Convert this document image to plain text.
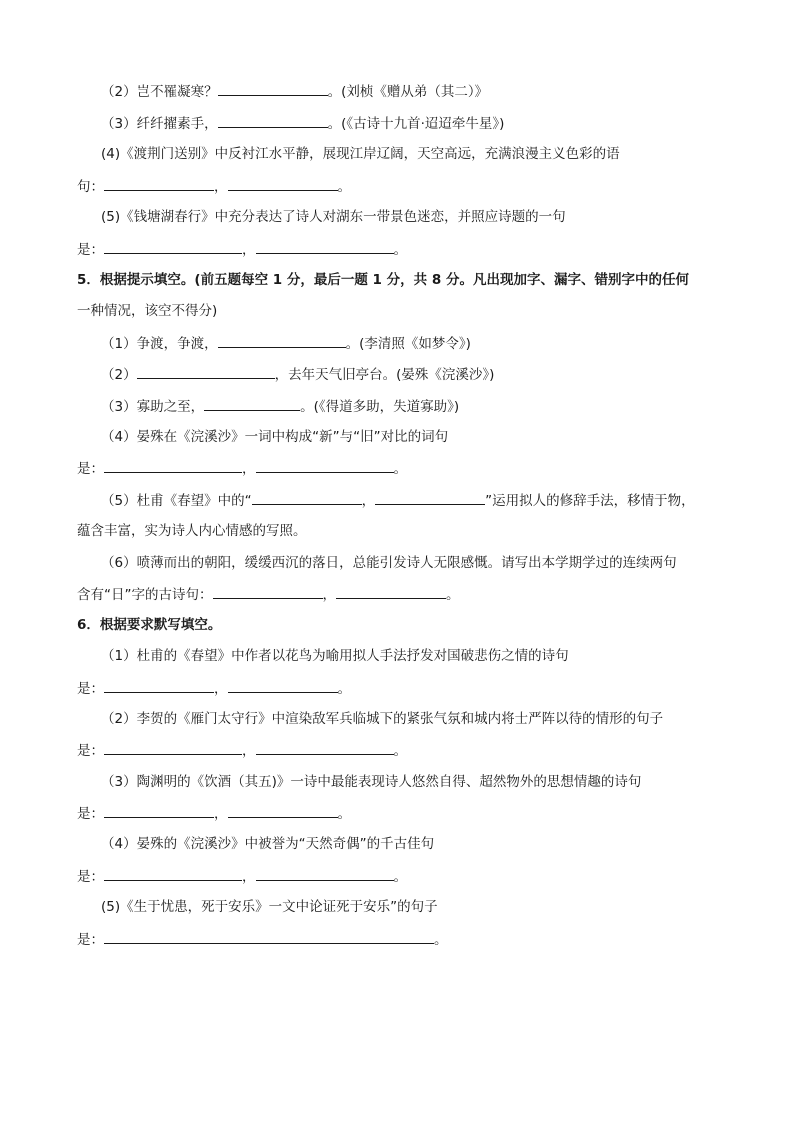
（2）岂不罹凝寒？	。(刘桢《赠从弟（其二）》
（3）纤纤擢素手，	。(《古诗十九首·迢迢牵牛星》)
(4)《渡荆门送别》中反衬江水平静，展现江岸辽阔，天空高远，充满浪漫主义色彩的语
句：	，	。
(5)《钱塘湖春行》中充分表达了诗人对湖东一带景色迷恋，并照应诗题的一句
是：	，	。
5．根据提示填空。(前五题每空 1 分，最后一题 1 分，共 8 分。凡出现加字、漏字、错别字中的任何
一种情况，该空不得分)
（1）争渡，争渡，	。(李清照《如梦令》)
（2）	，去年天气旧亭台。(晏殊《浣溪沙》)
（3）寡助之至，	。(《得道多助，失道寡助》)
（4）晏殊在《浣溪沙》一词中构成“新”与“旧”对比的词句
是：	，	。
（5）杜甫《春望》中的“	，	”运用拟人的修辞手法，移情于物，
蕴含丰富，实为诗人内心情感的写照。
（6）喷薄而出的朝阳，缓缓西沉的落日，总能引发诗人无限感慨。请写出本学期学过的连续两句
含有“日”字的古诗句：	，	。
6．根据要求默写填空。
（1）杜甫的《春望》中作者以花鸟为喻用拟人手法抒发对国破悲伤之情的诗句
是：	，	。
（2）李贺的《雁门太守行》中渲染敌军兵临城下的紧张气氛和城内将士严阵以待的情形的句子
是：	，	。
（3）陶渊明的《饮酒（其五)》一诗中最能表现诗人悠然自得、超然物外的思想情趣的诗句
是：	，	。
（4）晏殊的《浣溪沙》中被誉为“天然奇偶”的千古佳句
是：	，	。
(5)《生于忧患，死于安乐》一文中论证死于安乐”的句子
是：	。
